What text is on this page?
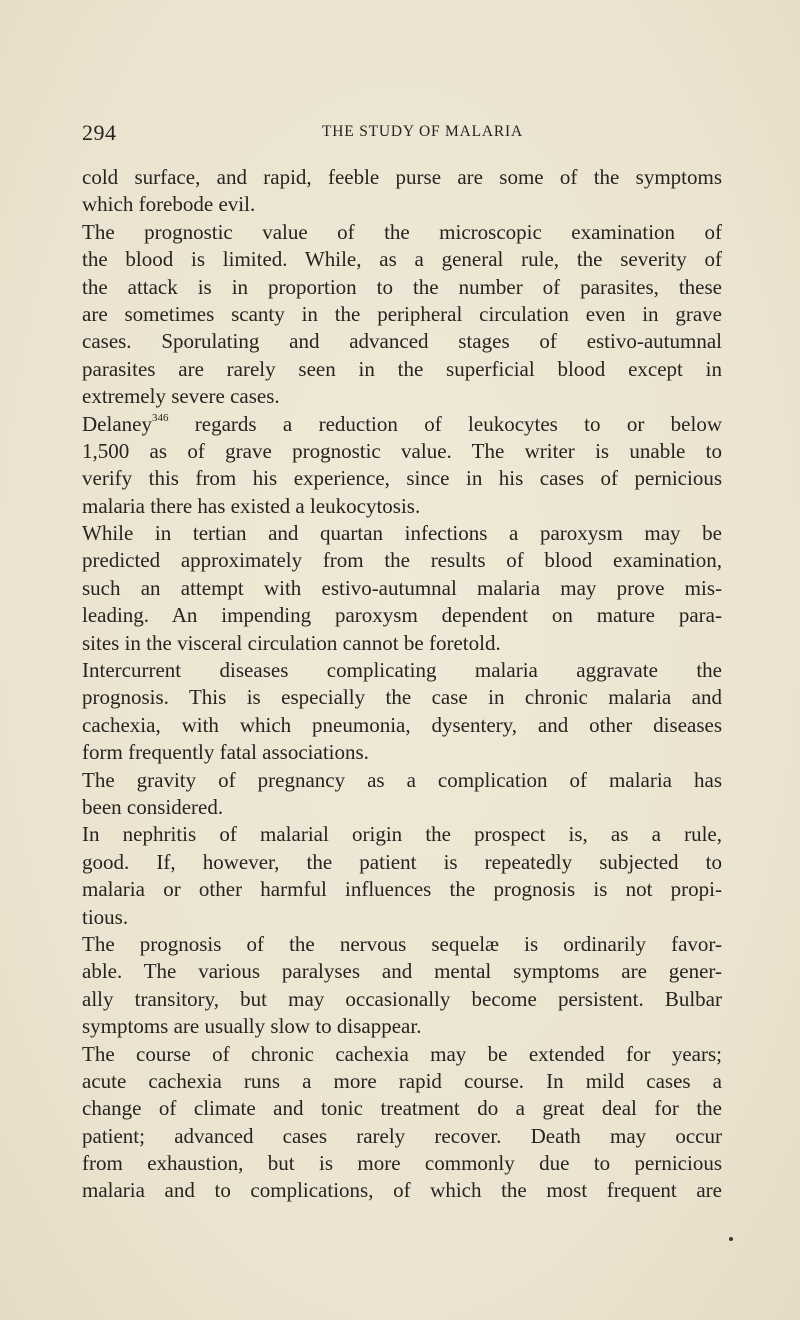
294	THE STUDY OF MALARIA
cold surface, and rapid, feeble purse are some of the symptoms
which forebode evil.
The prognostic value of the microscopic examination of
the blood is limited. While, as a general rule, the severity of
the attack is in proportion to the number of parasites, these
are sometimes scanty in the peripheral circulation even in grave
cases. Sporulating and advanced stages of estivo-autumnal
parasites are rarely seen in the superficial blood except in
extremely severe cases.
Delaney$^{346}$ regards a reduction of leukocytes to or below
1,500 as of grave prognostic value. The writer is unable to
verify this from his experience, since in his cases of pernicious
malaria there has existed a leukocytosis.
While in tertian and quartan infections a paroxysm may be
predicted approximately from the results of blood examination,
such an attempt with estivo-autumnal malaria may prove mis-
leading. An impending paroxysm dependent on mature para-
sites in the visceral circulation cannot be foretold.
Intercurrent diseases complicating malaria aggravate the
prognosis. This is especially the case in chronic malaria and
cachexia, with which pneumonia, dysentery, and other diseases
form frequently fatal associations.
The gravity of pregnancy as a complication of malaria has
been considered.
In nephritis of malarial origin the prospect is, as a rule,
good. If, however, the patient is repeatedly subjected to
malaria or other harmful influences the prognosis is not propi-
tious.
The prognosis of the nervous sequelæ is ordinarily favor-
able. The various paralyses and mental symptoms are gener-
ally transitory, but may occasionally become persistent. Bulbar
symptoms are usually slow to disappear.
The course of chronic cachexia may be extended for years;
acute cachexia runs a more rapid course. In mild cases a
change of climate and tonic treatment do a great deal for the
patient; advanced cases rarely recover. Death may occur
from exhaustion, but is more commonly due to pernicious
malaria and to complications, of which the most frequent are
